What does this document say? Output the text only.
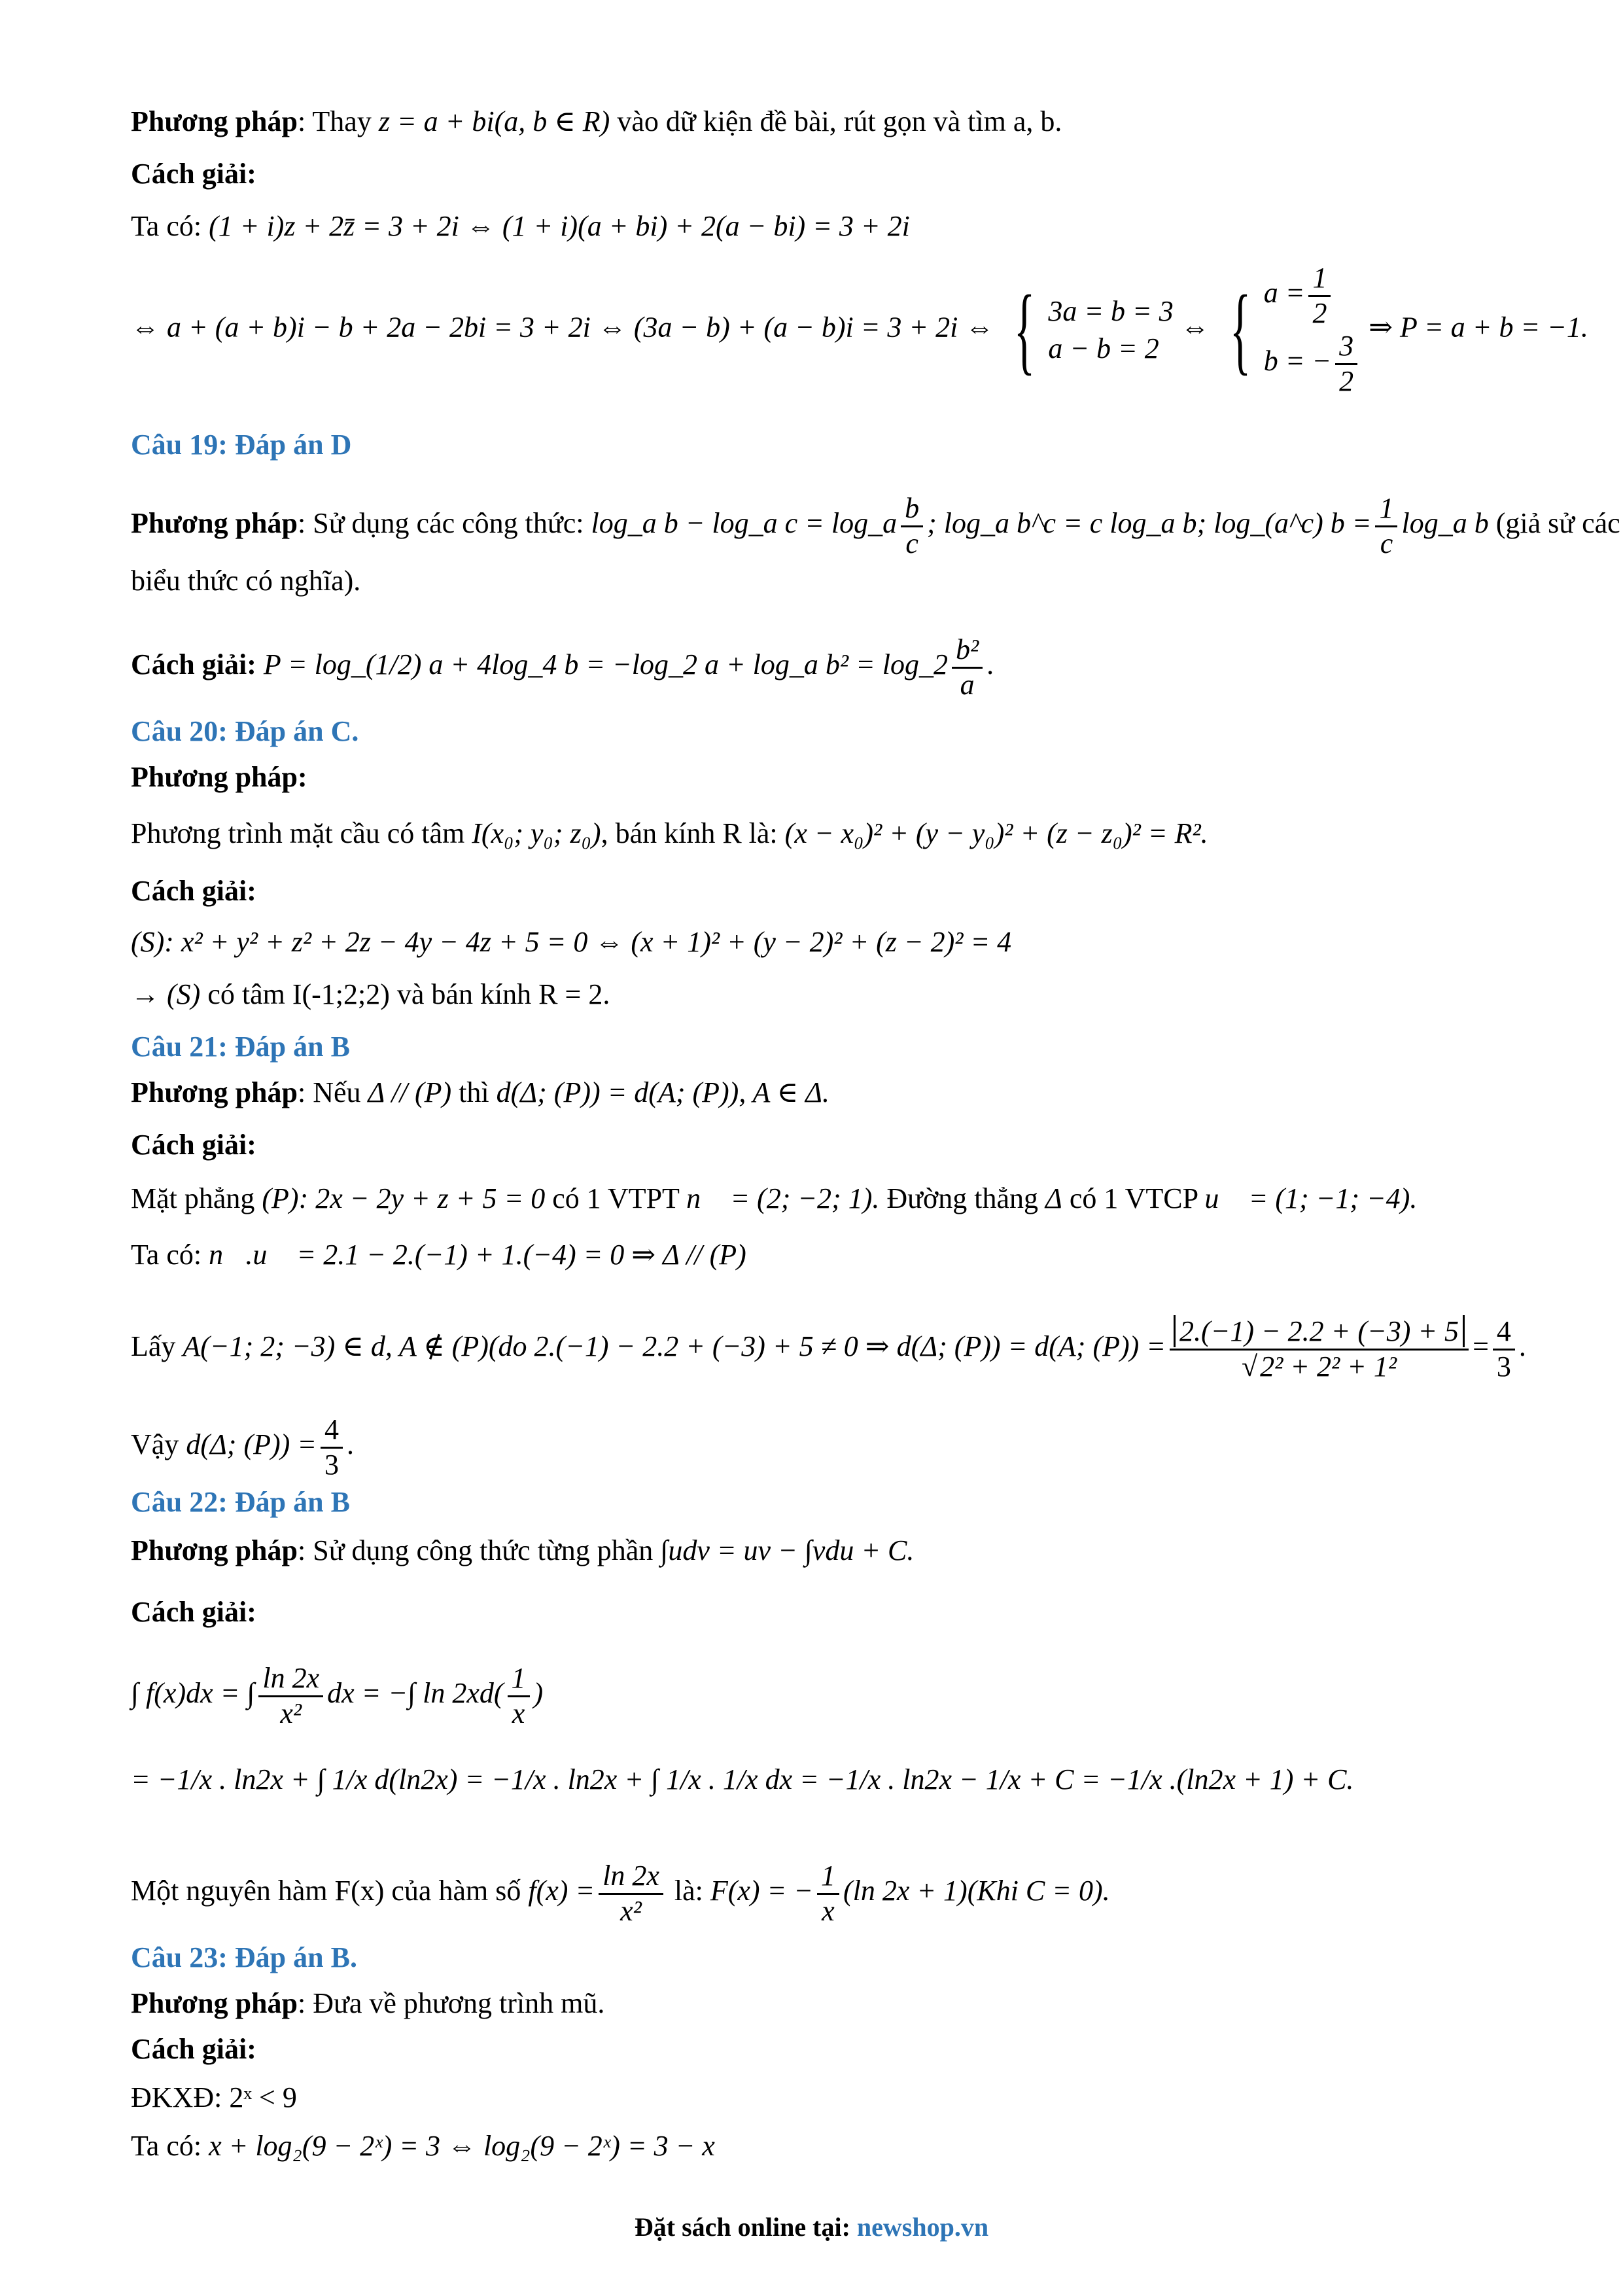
Phương pháp: Thay z = a + bi(a, b ∈ R) vào dữ kiện đề bài, rút gọn và tìm a, b.
Cách giải:
Ta có: (1 + i)z + 2z̄ = 3 + 2i ⇔ (1 + i)(a + bi) + 2(a − bi) = 3 + 2i
⇔ a + (a + b)i − b + 2a − 2bi = 3 + 2i ⇔ (3a − b) + (a − b)i = 3 + 2i ⇔ { 3a = b = 3
a − b = 2
⇔ { $a = \frac{1}{2}$
b = − $\frac{3}{2}$
⇒ P = a + b = −1.
Câu 19: Đáp án D
Phương pháp: Sử dụng các công thức: log_a b − log_a c = log_a $\frac{b}{c}$ ; log_a b^c = c log_a b; log_(a^c) $b = \frac{1}{c}$ log_a b (giả sử các
biểu thức có nghĩa).
Cách giải: P = log_(1/2) a + 4log_4 b = −log_2 a + log_a b² = log_2 $\frac{\text{b²}}{a}$ .
Câu 20: Đáp án C.
Phương pháp:
Phương trình mặt cầu có tâm I(x₀; y₀; z₀), bán kính R là: (x − x₀)² + (y − y₀)² + (z − z₀)² = R².
Cách giải:
(S): x² + y² + z² + 2z − 4y − 4z + 5 = 0 ⇔ (x + 1)² + (y − 2)² + (z − 2)² = 4
→ (S) có tâm I(-1;2;2) và bán kính R = 2.
Câu 21: Đáp án B
Phương pháp: Nếu Δ // (P) thì d(Δ; (P)) = d(A; (P)), A ∈ Δ.
Cách giải:
Mặt phẳng (P): 2x − 2y + z + 5 = 0 có 1 VTPT n⃗ = (2; −2; 1). Đường thẳng Δ có 1 VTCP u⃗ = (1; −1; −4).
Ta có: n⃗.u⃗ = 2.1 − 2.(−1) + 1.(−4) = 0 ⇒ Δ // (P)
Lấy A(−1; 2; −3) ∈ d, A ∉ (P)(do 2.(−1) − 2.2 + (−3) + 5 ≠ 0 ⇒ d(Δ; (P)) = d(A; $(P)) = \frac{2.(-1) - 2.2 + (-3) + 5}{\text{√2² + 2² + 1²}} = \frac{4}{3}$ .
Vậy d(Δ; $(P)) = \frac{4}{3}$ .
Câu 22: Đáp án B
Phương pháp: Sử dụng công thức từng phần ∫udv = uv − ∫vdu + C.
Cách giải:
∫ f(x)dx = ∫ $\frac{\ln 2x}{\text{x²}}$ dx = −∫ $\ln 2xd( \frac{1}{x}$ )
= −1/x . ln2x + ∫ 1/x d(ln2x) = −1/x . ln2x + ∫ 1/x . 1/x dx = −1/x . ln2x − 1/x + C = −1/x .(ln2x + 1) + C.
Một nguyên hàm F(x) của hàm số $f(x) = \frac{\ln 2x}{\text{x²}}$ là: F(x) = − $\frac{1}{x} (\ln$ 2x + 1)(Khi C = 0).
Câu 23: Đáp án B.
Phương pháp: Đưa về phương trình mũ.
Cách giải:
ĐKXĐ: 2ˣ < 9
Ta có: x + log₂(9 − 2ˣ) = 3 ⇔ log₂(9 − 2ˣ) = 3 − x
Đặt sách online tại: newshop.vn
